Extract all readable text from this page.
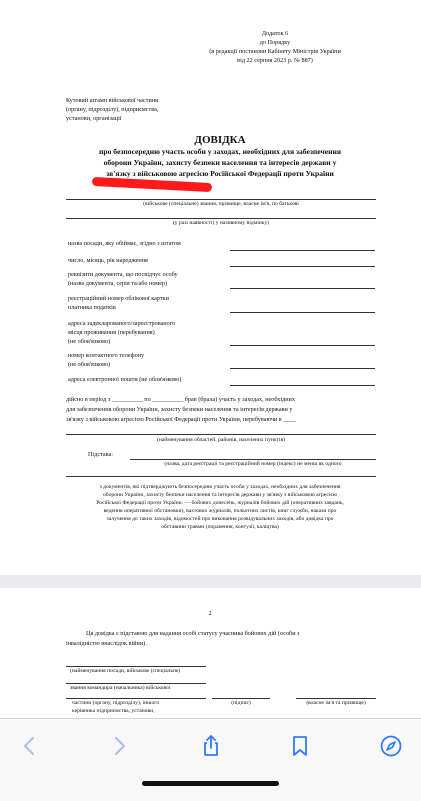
Додаток 6
до Порядку
(в редакції постанови Кабінету Міністрів України
від 22 серпня 2023 р. № 887)
Кутовий штамп військової частини
(органу, підрозділу), підприємства,
установи, організації
ДОВІДКА
про безпосередню участь особи у заходах, необхідних для забезпечення
оборони України, захисту безпеки населення та інтересів держави у
зв'язку з військовою агресією Російської Федерації проти України
(військове (спеціальне) звання, прізвище, власне ім'я, по батькові
(у разі наявності) у називному відмінку)
назва посади, яку обіймає, згідно з штатом
число, місяць, рік народження
реквізити документа, що посвідчує особу
(назва документа, серія та/або номер)
реєстраційний номер облікової картки
платника податків
адреса задекларованого/зареєстрованого
місця проживання (перебування)
(не обов'язково)
номер контактного телефону
(не обов'язково)
адреса електронної пошти (не обов'язково)
дійсно в період з __________ по __________ брав (брала) участь у заходах, необхідних
для забезпечення оборони України, захисту безпеки населення та інтересів держави у
зв'язку з військовою агресією Російської Федерації проти України, перебуваючи в ____
(найменування областей, районів, населених пунктів)
Підстава:
(назва, дата реєстрації та реєстраційний номер (індекс) не менш як одного
з документів, які підтверджують безпосередню участь особи у заходах, необхідних для забезпечення
оборони України, захисту безпеки населення та інтересів держави у зв'язку з військовою агресією
Російської Федерації проти України. — бойових донесень, журналів бойових дій (оперативних завдань,
ведення оперативної обстановки), вахтових журналів, польотних листів, книг служби, накази про
залучення до таких заходів, відомостей про виконання розвідувальних заходів, або довідка про
обставини травми (поранення, контузії, каліцтва)
2
Ця довідка є підставою для надання особі статусу учасника бойових дій (особи з
інвалідністю внаслідок війни).
(найменування посади, військове (спеціальне)
звання командира (начальника) військової
частини (органу, підрозділу), іншого
керівника підприємства, установи,
(підпис)	(власне ім'я та прізвище)
